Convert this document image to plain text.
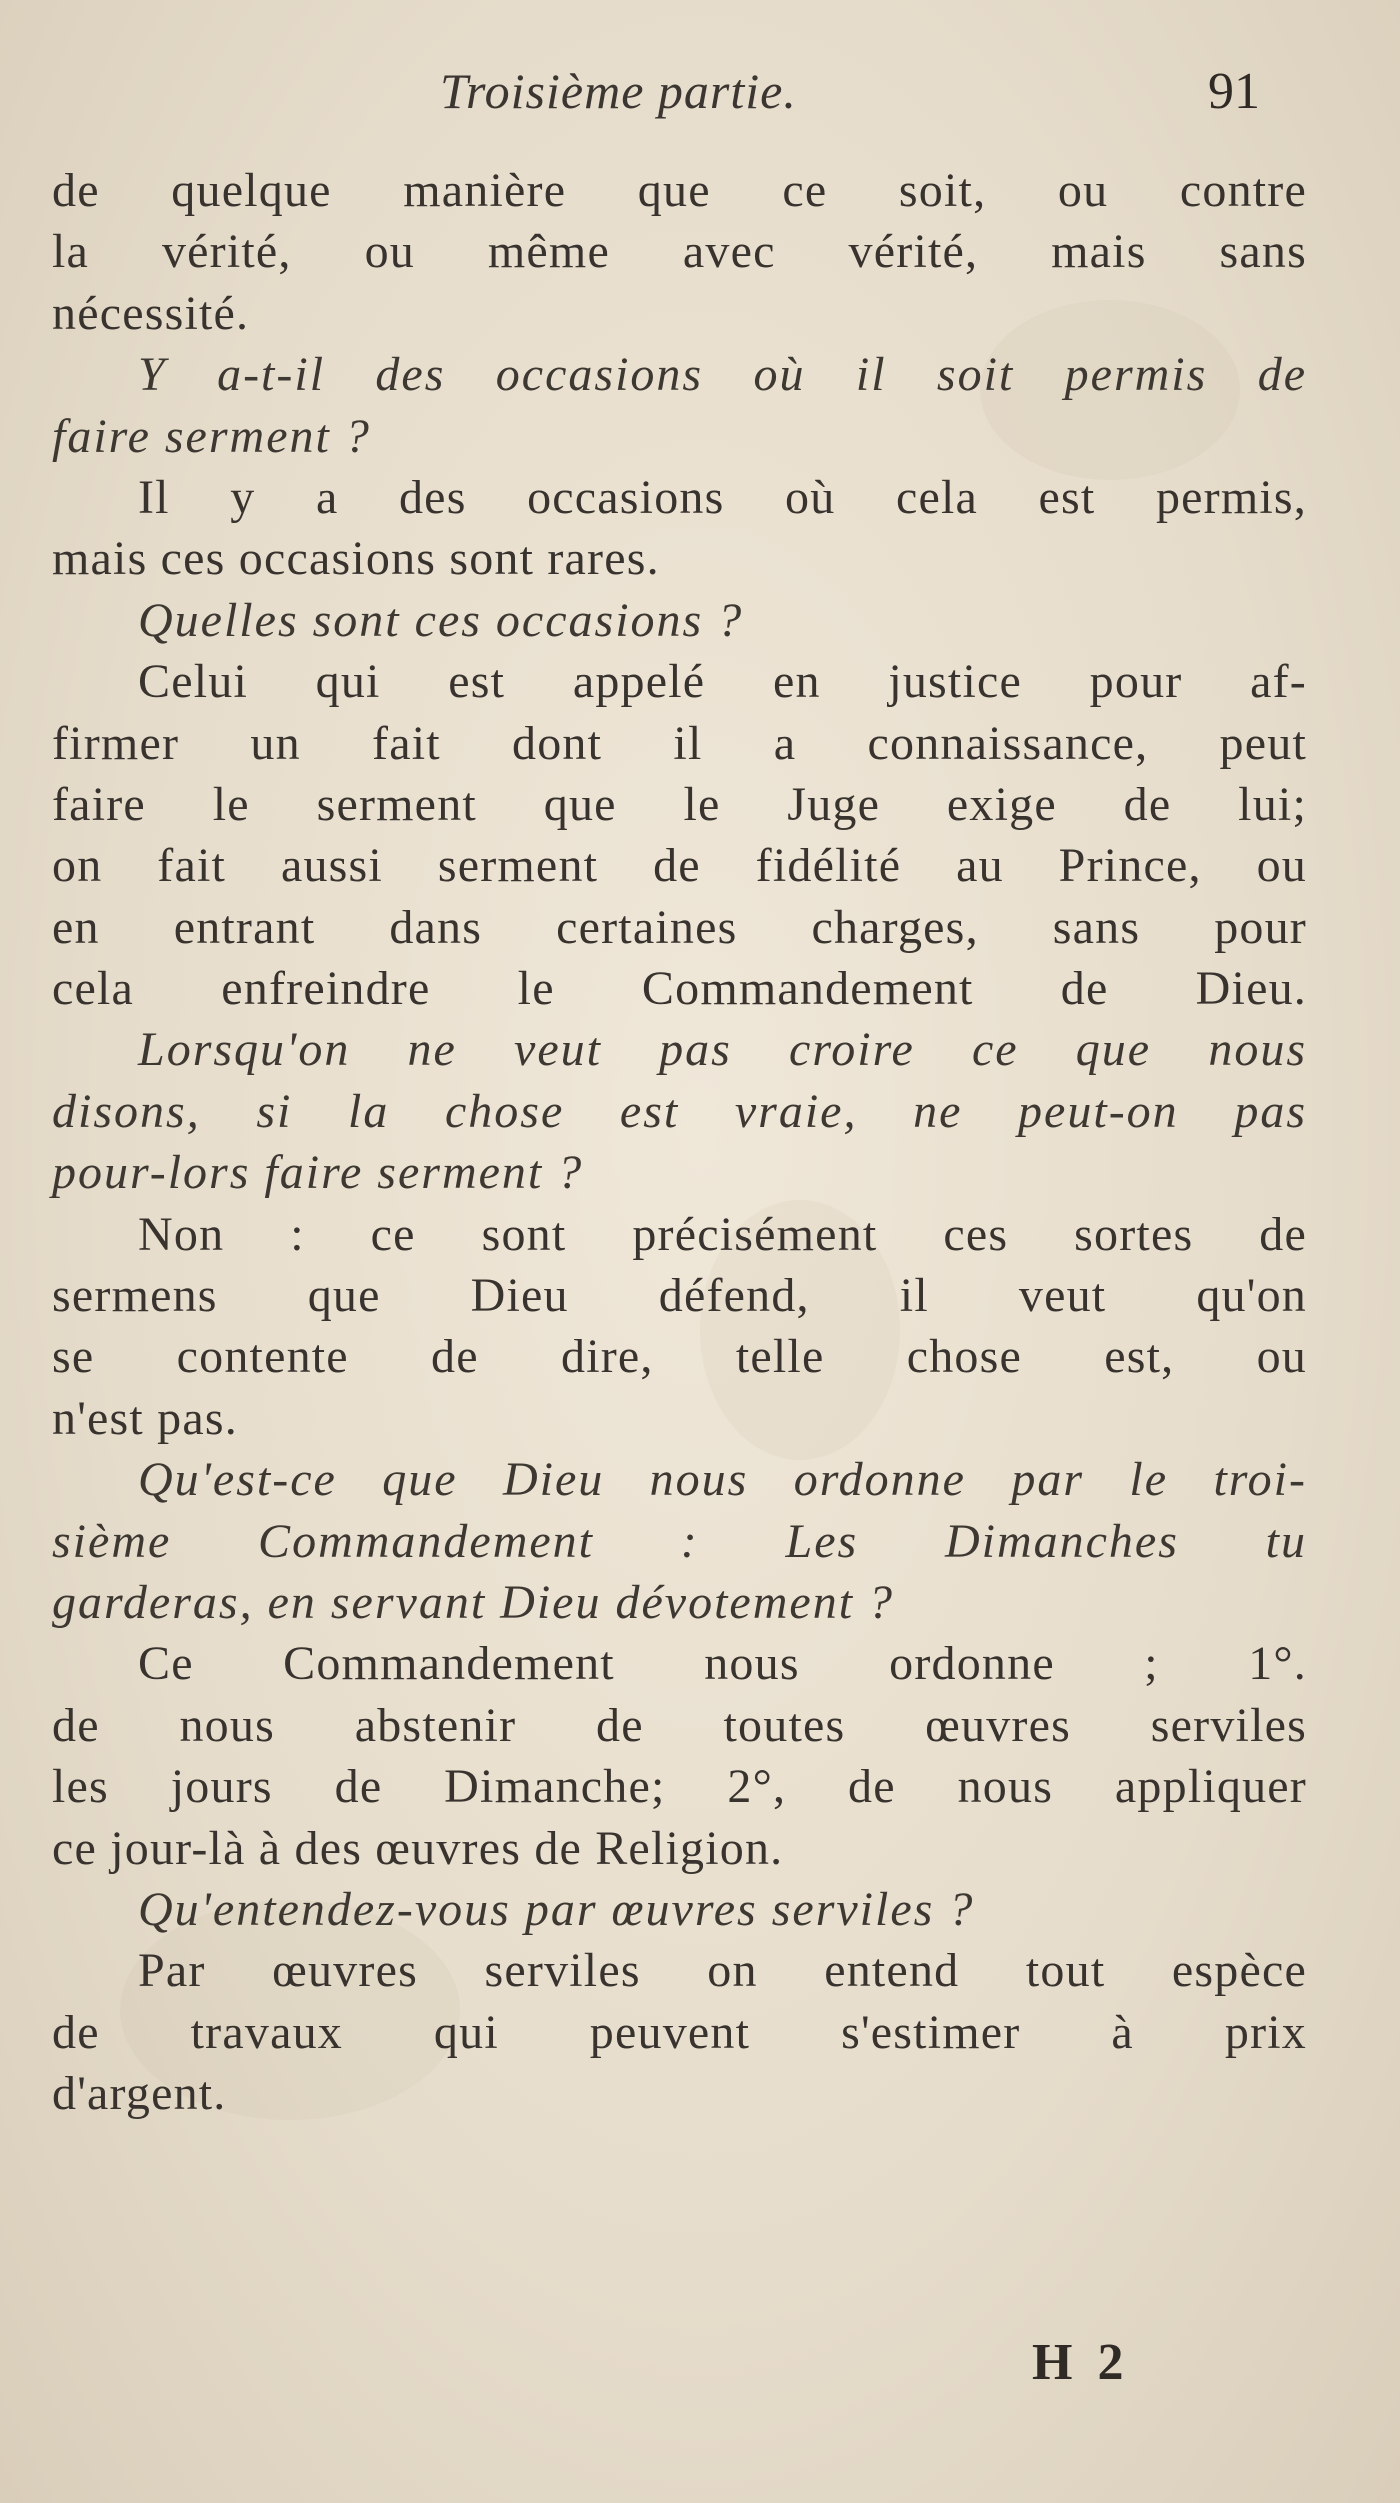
Troisième partie.	91
de quelque manière que ce soit, ou contre
la vérité, ou même avec vérité, mais sans
nécessité.
Y a-t-il des occasions où il soit permis de
faire serment ?
Il y a des occasions où cela est permis,
mais ces occasions sont rares.
Quelles sont ces occasions ?
Celui qui est appelé en justice pour af-
firmer un fait dont il a connaissance, peut
faire le serment que le Juge exige de lui;
on fait aussi serment de fidélité au Prince, ou
en entrant dans certaines charges, sans pour
cela enfreindre le Commandement de Dieu.
Lorsqu'on ne veut pas croire ce que nous
disons, si la chose est vraie, ne peut-on pas
pour-lors faire serment ?
Non : ce sont précisément ces sortes de
sermens que Dieu défend, il veut qu'on
se contente de dire, telle chose est, ou
n'est pas.
Qu'est-ce que Dieu nous ordonne par le troi-
sième Commandement : Les Dimanches tu
garderas, en servant Dieu dévotement ?
Ce Commandement nous ordonne ; 1°.
de nous abstenir de toutes œuvres serviles
les jours de Dimanche; 2°, de nous appliquer
ce jour-là à des œuvres de Religion.
Qu'entendez-vous par œuvres serviles ?
Par œuvres serviles on entend tout espèce
de travaux qui peuvent s'estimer à prix
d'argent.
H 2
